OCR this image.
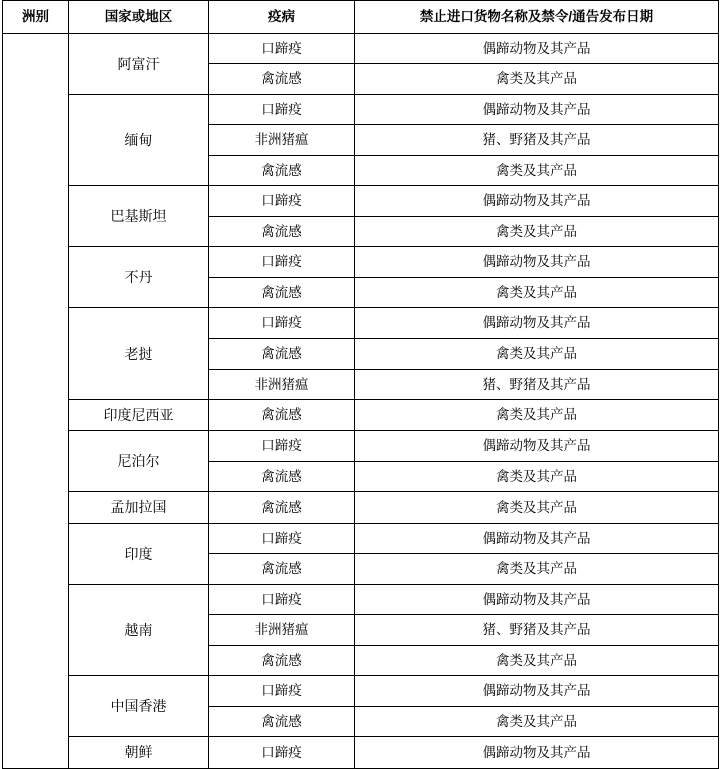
洲别	国家或地区	疫病	禁止进口货物名称及禁令/通告发布日期
	阿富汗	口蹄疫	偶蹄动物及其产品
		禽流感	禽类及其产品
	缅甸	口蹄疫	偶蹄动物及其产品
		非洲猪瘟	猪、野猪及其产品
		禽流感	禽类及其产品
	巴基斯坦	口蹄疫	偶蹄动物及其产品
		禽流感	禽类及其产品
	不丹	口蹄疫	偶蹄动物及其产品
		禽流感	禽类及其产品
	老挝	口蹄疫	偶蹄动物及其产品
		禽流感	禽类及其产品
		非洲猪瘟	猪、野猪及其产品
	印度尼西亚	禽流感	禽类及其产品
	尼泊尔	口蹄疫	偶蹄动物及其产品
		禽流感	禽类及其产品
	孟加拉国	禽流感	禽类及其产品
	印度	口蹄疫	偶蹄动物及其产品
		禽流感	禽类及其产品
	越南	口蹄疫	偶蹄动物及其产品
		非洲猪瘟	猪、野猪及其产品
		禽流感	禽类及其产品
	中国香港	口蹄疫	偶蹄动物及其产品
		禽流感	禽类及其产品
	朝鲜	口蹄疫	偶蹄动物及其产品
